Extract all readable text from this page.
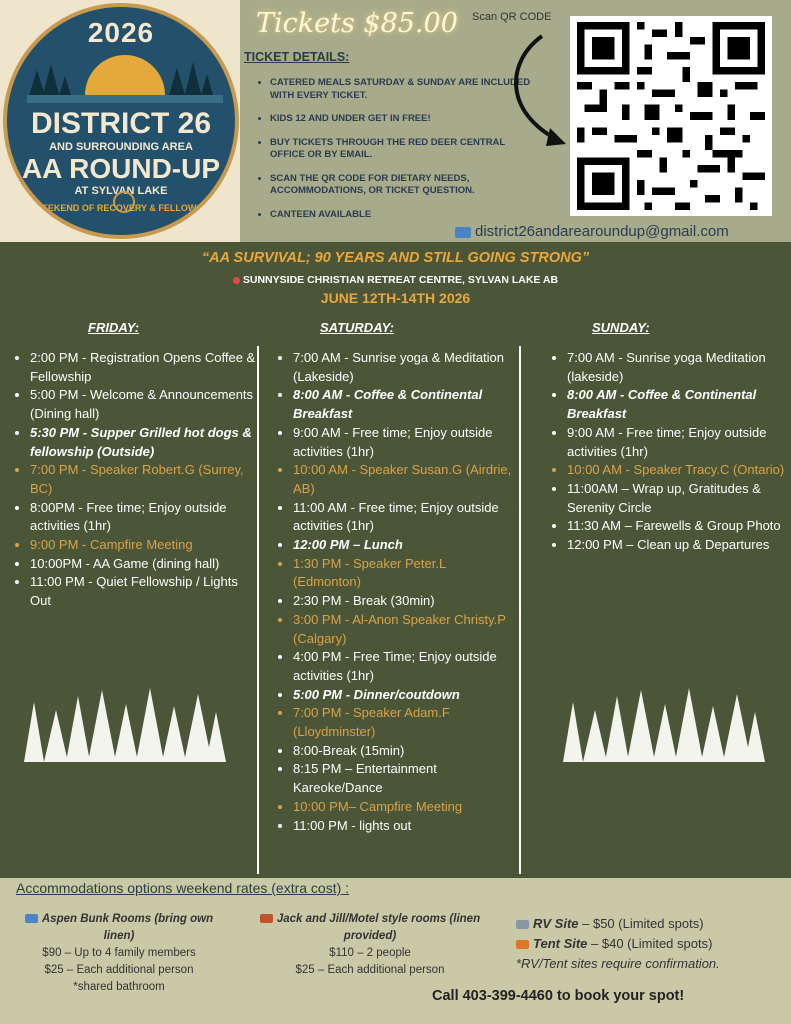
2026
DISTRICT 26
AND SURROUNDING AREA
AA ROUND-UP
AT SYLVAN LAKE
A WEEKEND OF RECOVERY & FELLOWSHIP
Tickets $85.00
TICKET DETAILS:
• CATERED MEALS SATURDAY & SUNDAY ARE INCLUDED WITH EVERY TICKET.
• KIDS 12 AND UNDER GET IN FREE!
• BUY TICKETS THROUGH THE RED DEER CENTRAL OFFICE OR BY EMAIL.
• SCAN THE QR CODE FOR DIETARY NEEDS, ACCOMMODATIONS, OR TICKET QUESTION.
• CANTEEN AVAILABLE
Scan QR CODE
district26andarearoundup@gmail.com
“AA SURVIVAL; 90 YEARS AND STILL GOING STRONG”
SUNNYSIDE CHRISTIAN RETREAT CENTRE, SYLVAN LAKE AB
JUNE 12TH-14TH 2026
FRIDAY:	SATURDAY:	SUNDAY:
• 2:00 PM - Registration Opens Coffee & Fellowship
• 5:00 PM - Welcome & Announcements (Dining hall)
• 5:30 PM - Supper Grilled hot dogs & fellowship (Outside)
• 7:00 PM - Speaker Robert.G (Surrey, BC)
• 8:00PM - Free time; Enjoy outside activities (1hr)
• 9:00 PM - Campfire Meeting
• 10:00PM - AA Game (dining hall)
• 11:00 PM - Quiet Fellowship / Lights Out
• 7:00 AM - Sunrise yoga & Meditation (Lakeside)
• 8:00 AM - Coffee & Continental Breakfast
• 9:00 AM - Free time; Enjoy outside activities (1hr)
• 10:00 AM - Speaker Susan.G (Airdrie, AB)
• 11:00 AM - Free time; Enjoy outside activities (1hr)
• 12:00 PM – Lunch
• 1:30 PM - Speaker Peter.L (Edmonton)
• 2:30 PM - Break (30min)
• 3:00 PM - Al-Anon Speaker Christy.P (Calgary)
• 4:00 PM - Free Time; Enjoy outside activities (1hr)
• 5:00 PM - Dinner/coutdown
• 7:00 PM - Speaker Adam.F (Lloydminster)
• 8:00-Break (15min)
• 8:15 PM – Entertainment Kareoke/Dance
• 10:00 PM– Campfire Meeting
• 11:00 PM - lights out
• 7:00 AM - Sunrise yoga Meditation (lakeside)
• 8:00 AM - Coffee & Continental Breakfast
• 9:00 AM - Free time; Enjoy outside activities (1hr)
• 10:00 AM - Speaker Tracy.C (Ontario)
• 11:00AM – Wrap up, Gratitudes & Serenity Circle
• 11:30 AM – Farewells & Group Photo
• 12:00 PM – Clean up & Departures
Accommodations options weekend rates (extra cost) :
Aspen Bunk Rooms (bring own linen)
$90 – Up to 4 family members
$25 – Each additional person
*shared bathroom
Jack and Jill/Motel style rooms (linen provided)
$110 – 2 people
$25 – Each additional person
RV Site – $50 (Limited spots)
Tent Site – $40 (Limited spots)
*RV/Tent sites require confirmation.
Call 403-399-4460 to book your spot!
